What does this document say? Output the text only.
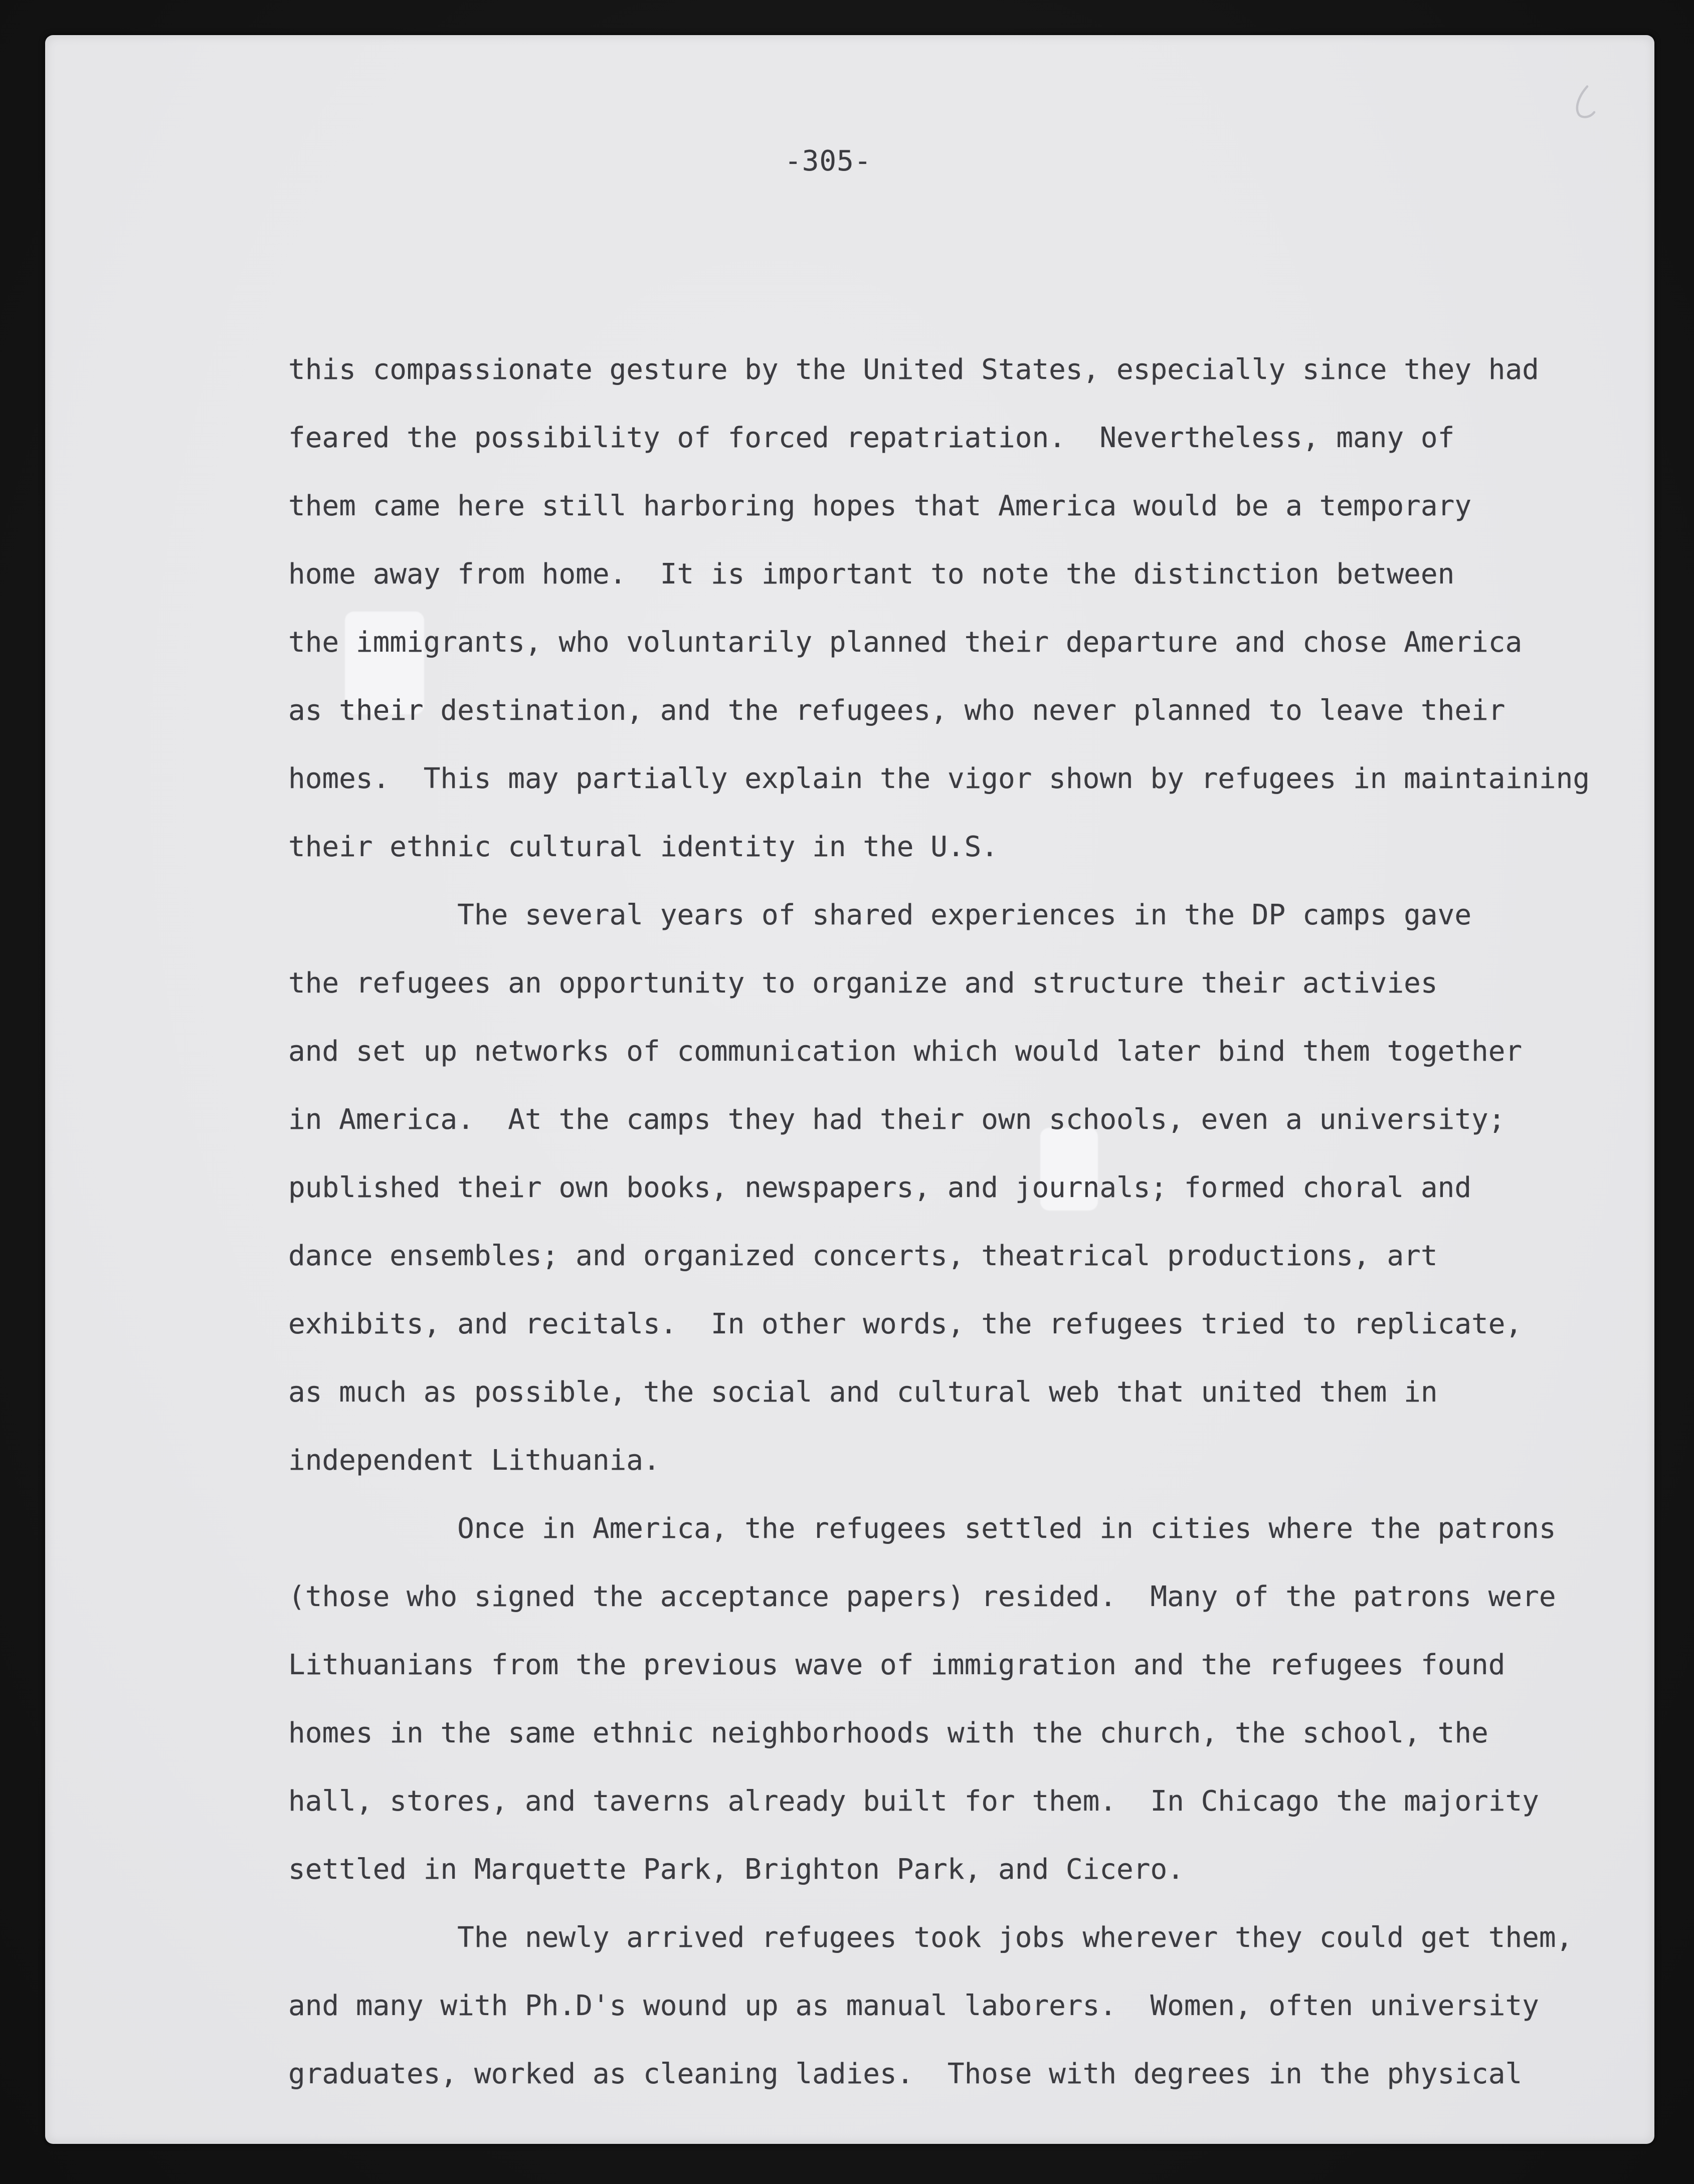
-305-
this compassionate gesture by the United States, especially since they had
feared the possibility of forced repatriation.  Nevertheless, many of
them came here still harboring hopes that America would be a temporary
home away from home.  It is important to note the distinction between
the immigrants, who voluntarily planned their departure and chose America
as their destination, and the refugees, who never planned to leave their
homes.  This may partially explain the vigor shown by refugees in maintaining
their ethnic cultural identity in the U.S.
The several years of shared experiences in the DP camps gave
the refugees an opportunity to organize and structure their activies
and set up networks of communication which would later bind them together
in America.  At the camps they had their own schools, even a university;
published their own books, newspapers, and journals; formed choral and
dance ensembles; and organized concerts, theatrical productions, art
exhibits, and recitals.  In other words, the refugees tried to replicate,
as much as possible, the social and cultural web that united them in
independent Lithuania.
Once in America, the refugees settled in cities where the patrons
(those who signed the acceptance papers) resided.  Many of the patrons were
Lithuanians from the previous wave of immigration and the refugees found
homes in the same ethnic neighborhoods with the church, the school, the
hall, stores, and taverns already built for them.  In Chicago the majority
settled in Marquette Park, Brighton Park, and Cicero.
The newly arrived refugees took jobs wherever they could get them,
and many with Ph.D's wound up as manual laborers.  Women, often university
graduates, worked as cleaning ladies.  Those with degrees in the physical
